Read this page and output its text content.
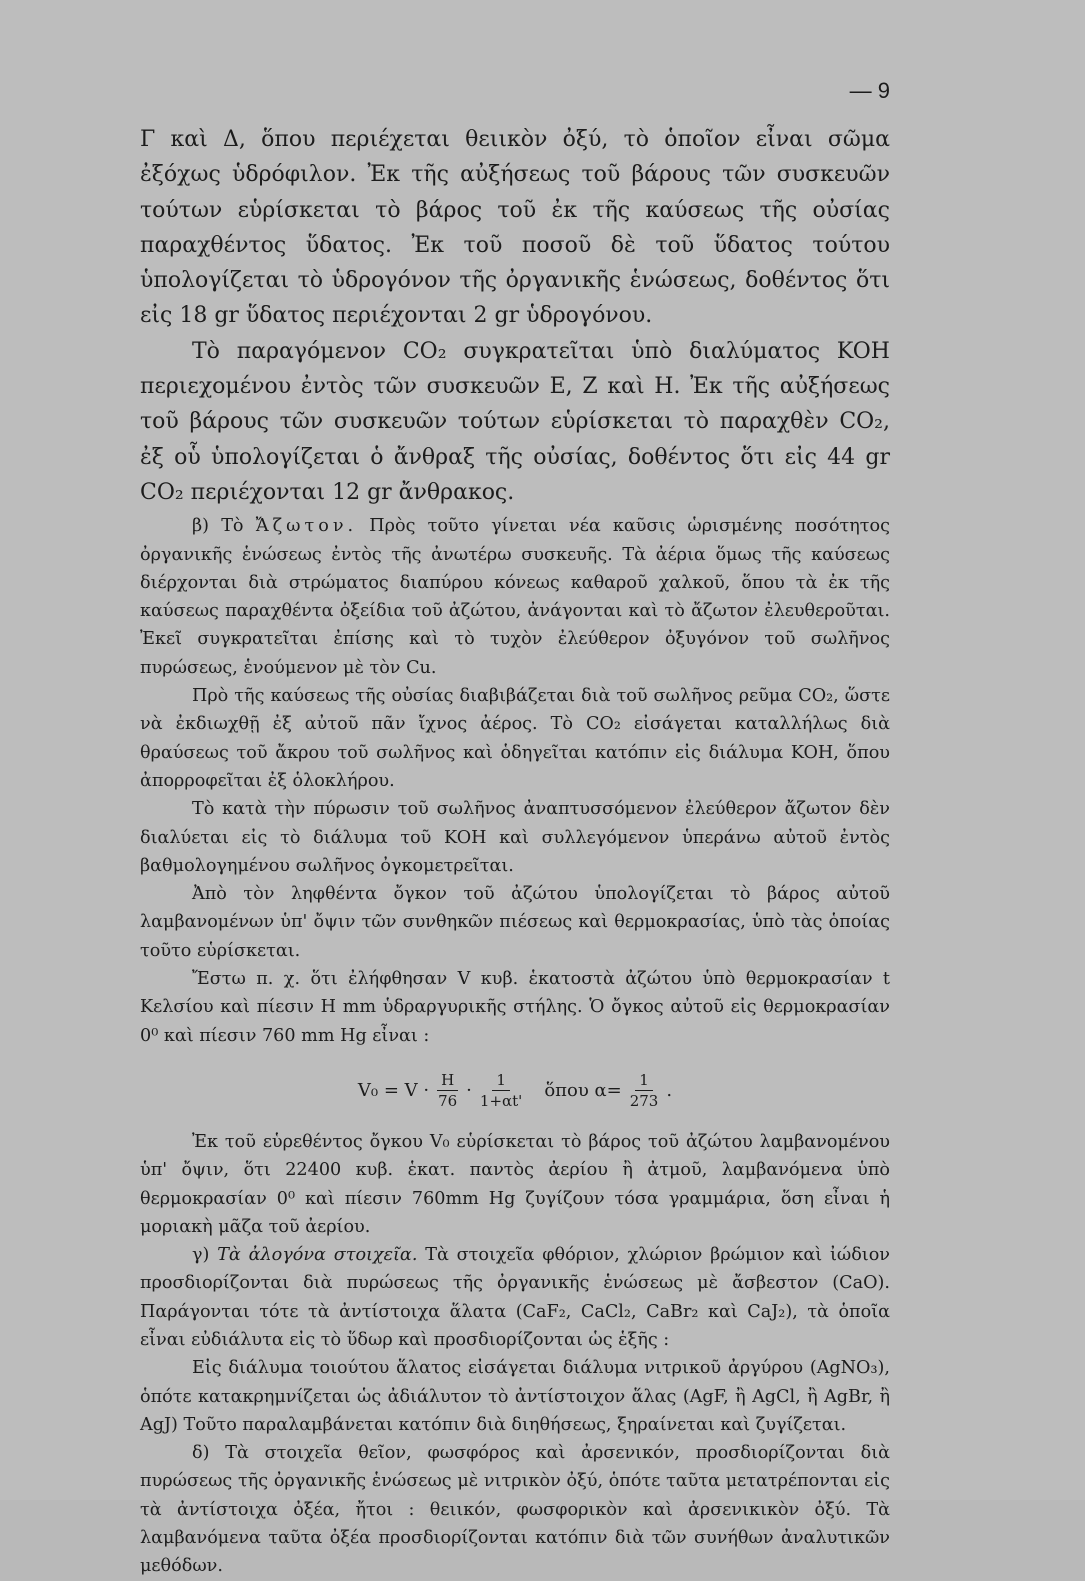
— 9

Γ καὶ Δ, ὅπου περιέχεται θειικὸν ὀξύ, τὸ ὁποῖον εἶναι σῶμα ἐξόχως ὑδρόφιλον. Ἐκ τῆς αὐξήσεως τοῦ βάρους τῶν συσκευῶν τούτων εὑρίσκεται τὸ βάρος τοῦ ἐκ τῆς καύσεως τῆς οὐσίας παραχθέντος ὕδατος. Ἐκ τοῦ ποσοῦ δὲ τοῦ ὕδατος τούτου ὑπολογίζεται τὸ ὑδρογόνον τῆς ὀργανικῆς ἑνώσεως, δοθέντος ὅτι εἰς 18 gr ὕδατος περιέχονται 2 gr ὑδρογόνου.

Τὸ παραγόμενον CO₂ συγκρατεῖται ὑπὸ διαλύματος KOH περιεχομένου ἐντὸς τῶν συσκευῶν E, Z καὶ H. Ἐκ τῆς αὐξήσεως τοῦ βάρους τῶν συσκευῶν τούτων εὑρίσκεται τὸ παραχθὲν CO₂, ἐξ οὗ ὑπολογίζεται ὁ ἄνθραξ τῆς οὐσίας, δοθέντος ὅτι εἰς 44 gr CO₂ περιέχονται 12 gr ἄνθρακος.

β) Τὸ Ἄζωτον. Πρὸς τοῦτο γίνεται νέα καῦσις ὡρισμένης ποσότητος ὀργανικῆς ἑνώσεως ἐντὸς τῆς ἀνωτέρω συσκευῆς. Τὰ ἀέρια ὅμως τῆς καύσεως διέρχονται διὰ στρώματος διαπύρου κόνεως καθαροῦ χαλκοῦ, ὅπου τὰ ἐκ τῆς καύσεως παραχθέντα ὀξείδια τοῦ ἀζώτου, ἀνάγονται καὶ τὸ ἄζωτον ἐλευθεροῦται. Ἐκεῖ συγκρατεῖται ἐπίσης καὶ τὸ τυχὸν ἐλεύθερον ὀξυγόνον τοῦ σωλῆνος πυρώσεως, ἑνούμενον μὲ τὸν Cu.

Πρὸ τῆς καύσεως τῆς οὐσίας διαβιβάζεται διὰ τοῦ σωλῆνος ρεῦμα CO₂, ὥστε νὰ ἐκδιωχθῇ ἐξ αὐτοῦ πᾶν ἴχνος ἀέρος. Τὸ CO₂ εἰσάγεται καταλλήλως διὰ θραύσεως τοῦ ἄκρου τοῦ σωλῆνος καὶ ὁδηγεῖται κατόπιν εἰς διάλυμα KOH, ὅπου ἀπορροφεῖται ἐξ ὁλοκλήρου.

Τὸ κατὰ τὴν πύρωσιν τοῦ σωλῆνος ἀναπτυσσόμενον ἐλεύθερον ἄζωτον δὲν διαλύεται εἰς τὸ διάλυμα τοῦ KOH καὶ συλλεγόμενον ὑπεράνω αὐτοῦ ἐντὸς βαθμολογημένου σωλῆνος ὀγκομετρεῖται.

Ἀπὸ τὸν ληφθέντα ὄγκον τοῦ ἀζώτου ὑπολογίζεται τὸ βάρος αὐτοῦ λαμβανομένων ὑπ' ὄψιν τῶν συνθηκῶν πιέσεως καὶ θερμοκρασίας, ὑπὸ τὰς ὁποίας τοῦτο εὑρίσκεται.

Ἔστω π. χ. ὅτι ἐλήφθησαν V κυβ. ἑκατοστὰ ἀζώτου ὑπὸ θερμοκρασίαν t Κελσίου καὶ πίεσιν H mm ὑδραργυρικῆς στήλης. Ὁ ὄγκος αὐτοῦ εἰς θερμοκρασίαν 0⁰ καὶ πίεσιν 760 mm Hg εἶναι :

$V_0 = V \cdot \frac{H}{76} \cdot \frac{1}{1+\alpha t'}$ ὅπου $\alpha= \frac{1}{273}$ .

Ἐκ τοῦ εὑρεθέντος ὄγκου V₀ εὑρίσκεται τὸ βάρος τοῦ ἀζώτου λαμβανομένου ὑπ' ὄψιν, ὅτι 22400 κυβ. ἑκατ. παντὸς ἀερίου ἢ ἀτμοῦ, λαμβανόμενα ὑπὸ θερμοκρασίαν 0⁰ καὶ πίεσιν 760mm Hg ζυγίζουν τόσα γραμμάρια, ὅση εἶναι ἡ μοριακὴ μᾶζα τοῦ ἀερίου.

γ) Τὰ ἀλογόνα στοιχεῖα. Τὰ στοιχεῖα φθόριον, χλώριον βρώμιον καὶ ἰώδιον προσδιορίζονται διὰ πυρώσεως τῆς ὀργανικῆς ἑνώσεως μὲ ἄσβεστον (CaO). Παράγονται τότε τὰ ἀντίστοιχα ἅλατα (CaF₂, CaCl₂, CaBr₂ καὶ CaJ₂), τὰ ὁποῖα εἶναι εὐδιάλυτα εἰς τὸ ὕδωρ καὶ προσδιορίζονται ὡς ἑξῆς :

Εἰς διάλυμα τοιούτου ἅλατος εἰσάγεται διάλυμα νιτρικοῦ ἀργύρου (AgNO₃), ὁπότε κατακρημνίζεται ὡς ἀδιάλυτον τὸ ἀντίστοιχον ἅλας (AgF, ἢ AgCl, ἢ AgBr, ἢ AgJ) Τοῦτο παραλαμβάνεται κατόπιν διὰ διηθήσεως, ξηραίνεται καὶ ζυγίζεται.

δ) Τὰ στοιχεῖα θεῖον, φωσφόρος καὶ ἀρσενικόν, προσδιορίζονται διὰ πυρώσεως τῆς ὀργανικῆς ἑνώσεως μὲ νιτρικὸν ὀξύ, ὁπότε ταῦτα μετατρέπονται εἰς τὰ ἀντίστοιχα ὀξέα, ἤτοι : θειικόν, φωσφορικὸν καὶ ἀρσενικικὸν ὀξύ. Τὰ λαμβανόμενα ταῦτα ὀξέα προσδιορίζονται κατόπιν διὰ τῶν συνήθων ἀναλυτικῶν μεθόδων.
